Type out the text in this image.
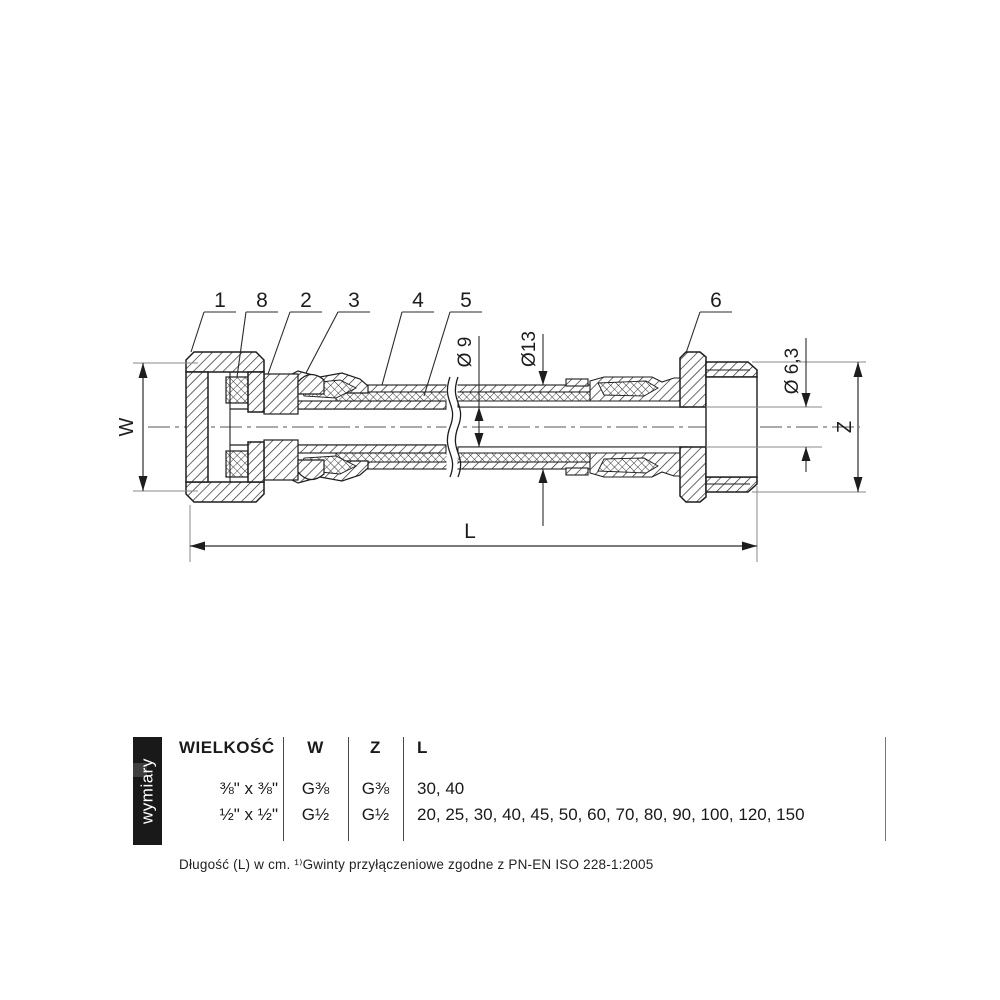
W	Z
L
Ø 9 Ø13	Ø 6,3
1 8 2 3 4 5	6
wymiary
WIELKOŚĆ	W	Z	L
⅜" x ⅜"	G⅜	G⅜	30, 40
½" x ½"	G½	G½	20, 25, 30, 40, 45, 50, 60, 70, 80, 90, 100, 120, 150
Długość (L) w cm. ¹⁾Gwinty przyłączeniowe zgodne z PN-EN ISO 228-1:2005
